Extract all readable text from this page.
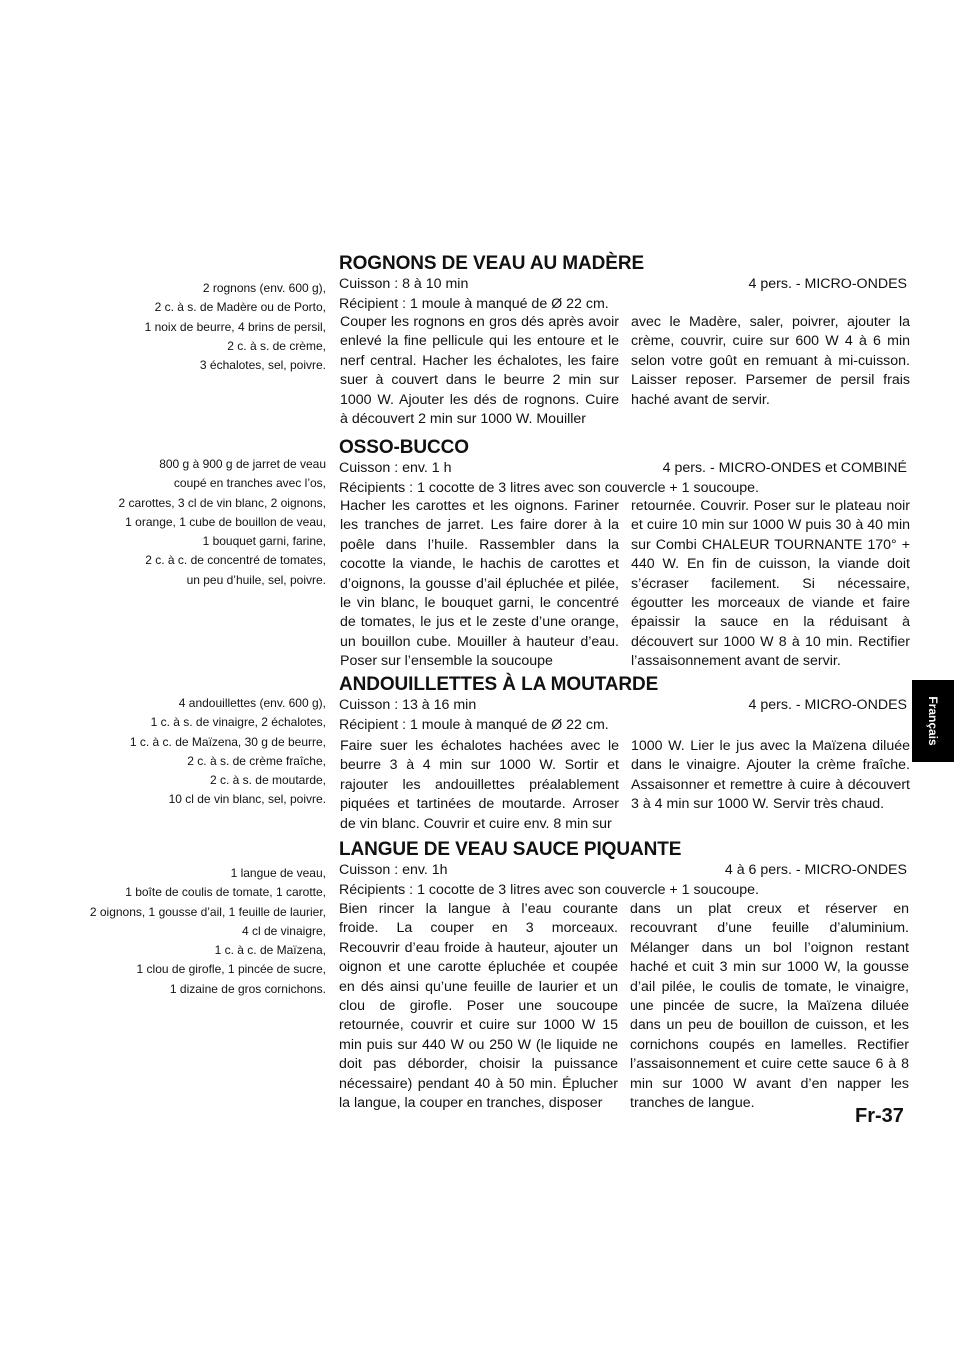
2 rognons (env. 600 g),
2 c. à s. de Madère ou de Porto,
1 noix de beurre, 4 brins de persil,
2 c. à s. de crème,
3 échalotes, sel, poivre.
ROGNONS DE VEAU AU MADÈRE
Cuisson : 8 à 10 min	4 pers. - MICRO-ONDES
Récipient : 1 moule à manqué de Ø 22 cm.
Couper les rognons en gros dés après avoir
enlevé la fine pellicule qui les entoure et le
nerf central. Hacher les échalotes, les faire
suer à couvert dans le beurre 2 min sur
1000 W. Ajouter les dés de rognons. Cuire
à découvert 2 min sur 1000 W. Mouiller
avec le Madère, saler, poivrer, ajouter la
crème, couvrir, cuire sur 600 W 4 à 6 min
selon votre goût en remuant à mi-cuisson.
Laisser reposer. Parsemer de persil frais
haché avant de servir.
800 g à 900 g de jarret de veau
coupé en tranches avec l’os,
2 carottes, 3 cl de vin blanc, 2 oignons,
1 orange, 1 cube de bouillon de veau,
1 bouquet garni, farine,
2 c. à c. de concentré de tomates,
un peu d’huile, sel, poivre.
OSSO-BUCCO
Cuisson : env. 1 h	4 pers. - MICRO-ONDES et COMBINÉ
Récipients : 1 cocotte de 3 litres avec son couvercle + 1 soucoupe.
Hacher les carottes et les oignons. Fariner
les tranches de jarret. Les faire dorer à la
poêle dans l’huile. Rassembler dans la
cocotte la viande, le hachis de carottes et
d’oignons, la gousse d’ail épluchée et pilée,
le vin blanc, le bouquet garni, le concentré
de tomates, le jus et le zeste d’une orange,
un bouillon cube. Mouiller à hauteur d’eau.
Poser sur l’ensemble la soucoupe
retournée. Couvrir. Poser sur le plateau noir
et cuire 10 min sur 1000 W puis 30 à 40 min
sur Combi CHALEUR TOURNANTE 170° +
440 W. En fin de cuisson, la viande doit
s’écraser facilement. Si nécessaire,
égoutter les morceaux de viande et faire
épaissir la sauce en la réduisant à
découvert sur 1000 W 8 à 10 min. Rectifier
l’assaisonnement avant de servir.
4 andouillettes (env. 600 g),
1 c. à s. de vinaigre, 2 échalotes,
1 c. à c. de Maïzena, 30 g de beurre,
2 c. à s. de crème fraîche,
2 c. à s. de moutarde,
10 cl de vin blanc, sel, poivre.
ANDOUILLETTES À LA MOUTARDE
Cuisson : 13 à 16 min	4 pers. - MICRO-ONDES
Récipient : 1 moule à manqué de Ø 22 cm.
Faire suer les échalotes hachées avec le
beurre 3 à 4 min sur 1000 W. Sortir et
rajouter les andouillettes préalablement
piquées et tartinées de moutarde. Arroser
de vin blanc. Couvrir et cuire env. 8 min sur
1000 W. Lier le jus avec la Maïzena diluée
dans le vinaigre. Ajouter la crème fraîche.
Assaisonner et remettre à cuire à découvert
3 à 4 min sur 1000 W. Servir très chaud.
1 langue de veau,
1 boîte de coulis de tomate, 1 carotte,
2 oignons, 1 gousse d’ail, 1 feuille de laurier,
4 cl de vinaigre,
1 c. à c. de Maïzena,
1 clou de girofle, 1 pincée de sucre,
1 dizaine de gros cornichons.
LANGUE DE VEAU SAUCE PIQUANTE
Cuisson : env. 1h	4 à 6 pers. - MICRO-ONDES
Récipients : 1 cocotte de 3 litres avec son couvercle + 1 soucoupe.
Bien rincer la langue à l’eau courante
froide. La couper en 3 morceaux.
Recouvrir d’eau froide à hauteur, ajouter un
oignon et une carotte épluchée et coupée
en dés ainsi qu’une feuille de laurier et un
clou de girofle. Poser une soucoupe
retournée, couvrir et cuire sur 1000 W 15
min puis sur 440 W ou 250 W (le liquide ne
doit pas déborder, choisir la puissance
nécessaire) pendant 40 à 50 min. Éplucher
la langue, la couper en tranches, disposer
dans un plat creux et réserver en
recouvrant d’une feuille d’aluminium.
Mélanger dans un bol l’oignon restant
haché et cuit 3 min sur 1000 W, la gousse
d’ail pilée, le coulis de tomate, le vinaigre,
une pincée de sucre, la Maïzena diluée
dans un peu de bouillon de cuisson, et les
cornichons coupés en lamelles. Rectifier
l’assaisonnement et cuire cette sauce 6 à 8
min sur 1000 W avant d’en napper les
tranches de langue.
Fr-37
Français
